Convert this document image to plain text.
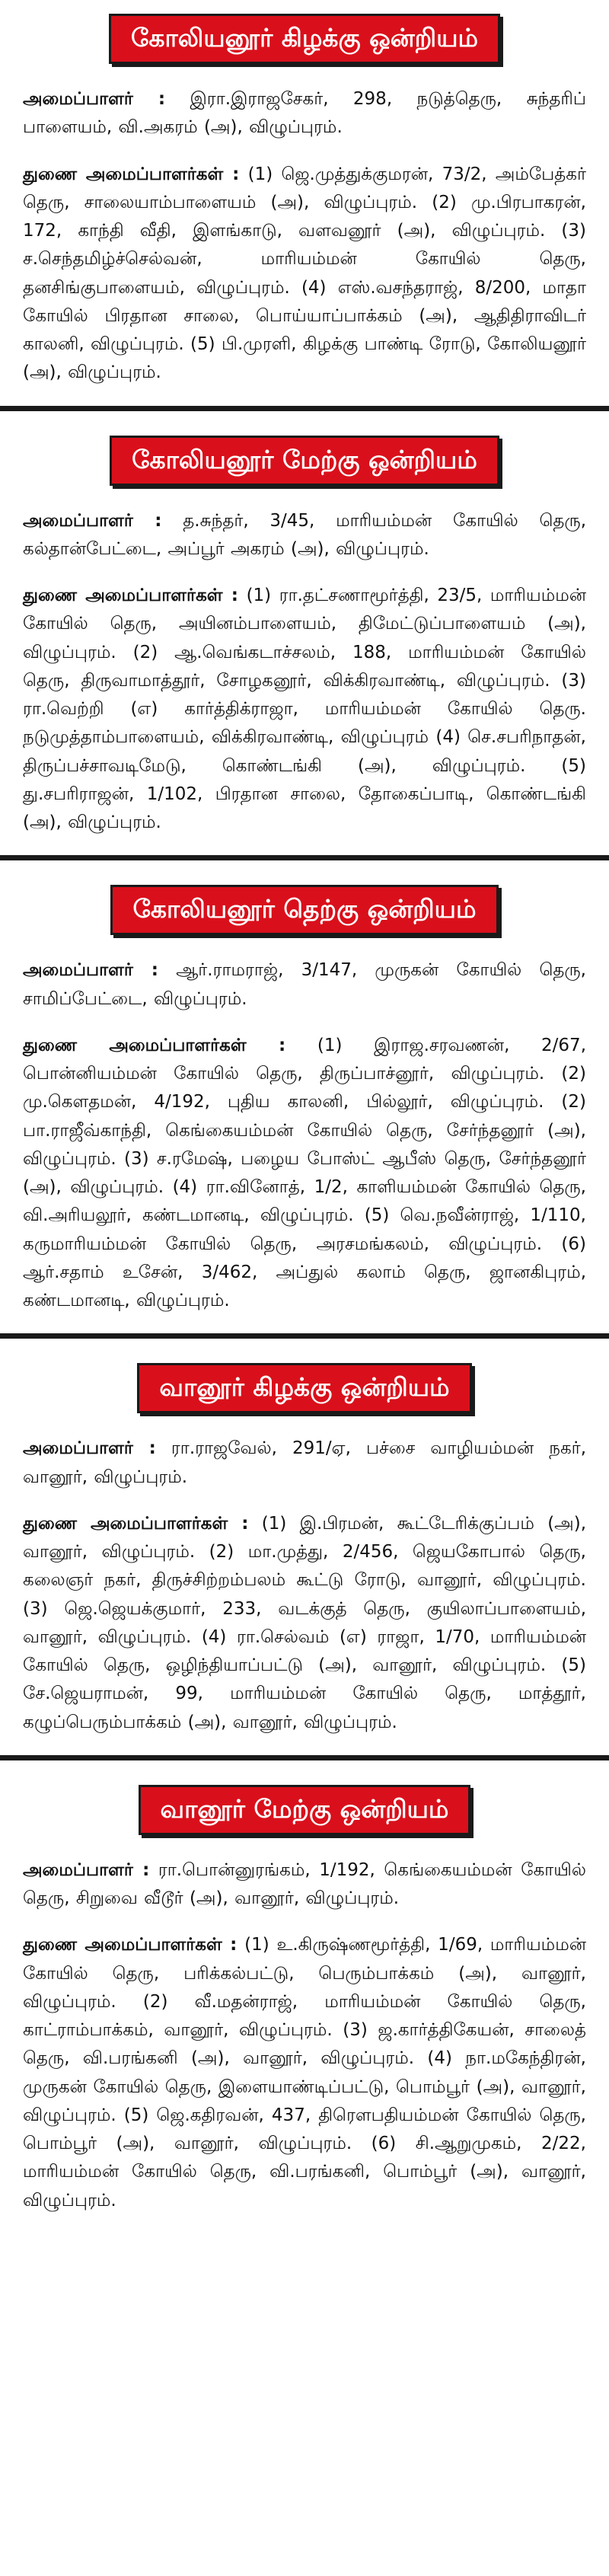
கோலியனூர் கிழக்கு ஒன்றியம்

அமைப்பாளர் : இரா.இராஜசேகர், 298, நடுத்தெரு, சுந்தரிப் பாளையம், வி.அகரம் (அ), விழுப்புரம்.

துணை அமைப்பாளர்கள் : (1) ஜெ.முத்துக்குமரன், 73/2, அம்பேத்கர் தெரு, சாலையாம்பாளையம் (அ), விழுப்புரம். (2) மு.பிரபாகரன், 172, காந்தி வீதி, இளங்காடு, வளவனூர் (அ), விழுப்புரம். (3) ச.செந்தமிழ்ச்செல்வன், மாரியம்மன் கோயில் தெரு, தனசிங்குபாளையம், விழுப்புரம். (4) எஸ்.வசந்தராஜ், 8/200, மாதா கோயில் பிரதான சாலை, பொய்யாப்பாக்கம் (அ), ஆதிதிராவிடர் காலனி, விழுப்புரம். (5) பி.முரளி, கிழக்கு பாண்டி ரோடு, கோலியனூர் (அ), விழுப்புரம்.

கோலியனூர் மேற்கு ஒன்றியம்

அமைப்பாளர் : த.சுந்தர், 3/45, மாரியம்மன் கோயில் தெரு, கல்தான்பேட்டை, அப்பூர் அகரம் (அ), விழுப்புரம்.

துணை அமைப்பாளர்கள் : (1) ரா.தட்சணாமூர்த்தி, 23/5, மாரியம்மன் கோயில் தெரு, அயினம்பாளையம், திமேட்டுப்பாளையம் (அ), விழுப்புரம். (2) ஆ.வெங்கடாச்சலம், 188, மாரியம்மன் கோயில் தெரு, திருவாமாத்தூர், சோழகனூர், விக்கிரவாண்டி, விழுப்புரம். (3) ரா.வெற்றி (எ) கார்த்திக்ராஜா, மாரியம்மன் கோயில் தெரு. நடுமுத்தாம்பாளையம், விக்கிரவாண்டி, விழுப்புரம் (4) செ.சபரிநாதன், திருப்பச்சாவடிமேடு, கொண்டங்கி (அ), விழுப்புரம். (5) து.சபரிராஜன், 1/102, பிரதான சாலை, தோகைப்பாடி, கொண்டங்கி (அ), விழுப்புரம்.

கோலியனூர் தெற்கு ஒன்றியம்

அமைப்பாளர் : ஆர்.ராமராஜ், 3/147, முருகன் கோயில் தெரு, சாமிப்பேட்டை, விழுப்புரம்.

துணை அமைப்பாளர்கள் : (1) இராஜ.சரவணன், 2/67, பொன்னியம்மன் கோயில் தெரு, திருப்பாச்னூர், விழுப்புரம். (2) மு.கௌதமன், 4/192, புதிய காலனி, பில்லூர், விழுப்புரம். (2) பா.ராஜீவ்காந்தி, கெங்கையம்மன் கோயில் தெரு, சேர்ந்தனூர் (அ), விழுப்புரம். (3) ச.ரமேஷ், பழைய போஸ்ட் ஆபீஸ் தெரு, சேர்ந்தனூர் (அ), விழுப்புரம். (4) ரா.வினோத், 1/2, காளியம்மன் கோயில் தெரு, வி.அரியலூர், கண்டமானடி, விழுப்புரம். (5) வெ.நவீன்ராஜ், 1/110, கருமாரியம்மன் கோயில் தெரு, அரசமங்கலம், விழுப்புரம். (6) ஆர்.சதாம் உசேன், 3/462, அப்துல் கலாம் தெரு, ஜானகிபுரம், கண்டமானடி, விழுப்புரம்.

வானூர் கிழக்கு ஒன்றியம்

அமைப்பாளர் : ரா.ராஜவேல், 291/ஏ, பச்சை வாழியம்மன் நகர், வானூர், விழுப்புரம்.

துணை அமைப்பாளர்கள் : (1) இ.பிரமன், கூட்டேரிக்குப்பம் (அ), வானூர், விழுப்புரம். (2) மா.முத்து, 2/456, ஜெயகோபால் தெரு, கலைஞர் நகர், திருச்சிற்றம்பலம் கூட்டு ரோடு, வானூர், விழுப்புரம். (3) ஜெ.ஜெயக்குமார், 233, வடக்குத் தெரு, குயிலாப்பாளையம், வானூர், விழுப்புரம். (4) ரா.செல்வம் (எ) ராஜா, 1/70, மாரியம்மன் கோயில் தெரு, ஒழிந்தியாப்பட்டு (அ), வானூர், விழுப்புரம். (5) சே.ஜெயராமன், 99, மாரியம்மன் கோயில் தெரு, மாத்தூர், கழுப்பெரும்பாக்கம் (அ), வானூர், விழுப்புரம்.

வானூர் மேற்கு ஒன்றியம்

அமைப்பாளர் : ரா.பொன்னுரங்கம், 1/192, கெங்கையம்மன் கோயில் தெரு, சிறுவை வீடூர் (அ), வானூர், விழுப்புரம்.

துணை அமைப்பாளர்கள் : (1) உ.கிருஷ்ணமூர்த்தி, 1/69, மாரியம்மன் கோயில் தெரு, பரிக்கல்பட்டு, பெரும்பாக்கம் (அ), வானூர், விழுப்புரம். (2) வீ.மதன்ராஜ், மாரியம்மன் கோயில் தெரு, காட்ராம்பாக்கம், வானூர், விழுப்புரம். (3) ஜ.கார்த்திகேயன், சாலைத் தெரு, வி.பரங்கனி (அ), வானூர், விழுப்புரம். (4) நா.மகேந்திரன், முருகன் கோயில் தெரு, இளையாண்டிப்பட்டு, பொம்பூர் (அ), வானூர், விழுப்புரம். (5) ஜெ.கதிரவன், 437, திரௌபதியம்மன் கோயில் தெரு, பொம்பூர் (அ), வானூர், விழுப்புரம். (6) சி.ஆறுமுகம், 2/22, மாரியம்மன் கோயில் தெரு, வி.பரங்கனி, பொம்பூர் (அ), வானூர், விழுப்புரம்.
